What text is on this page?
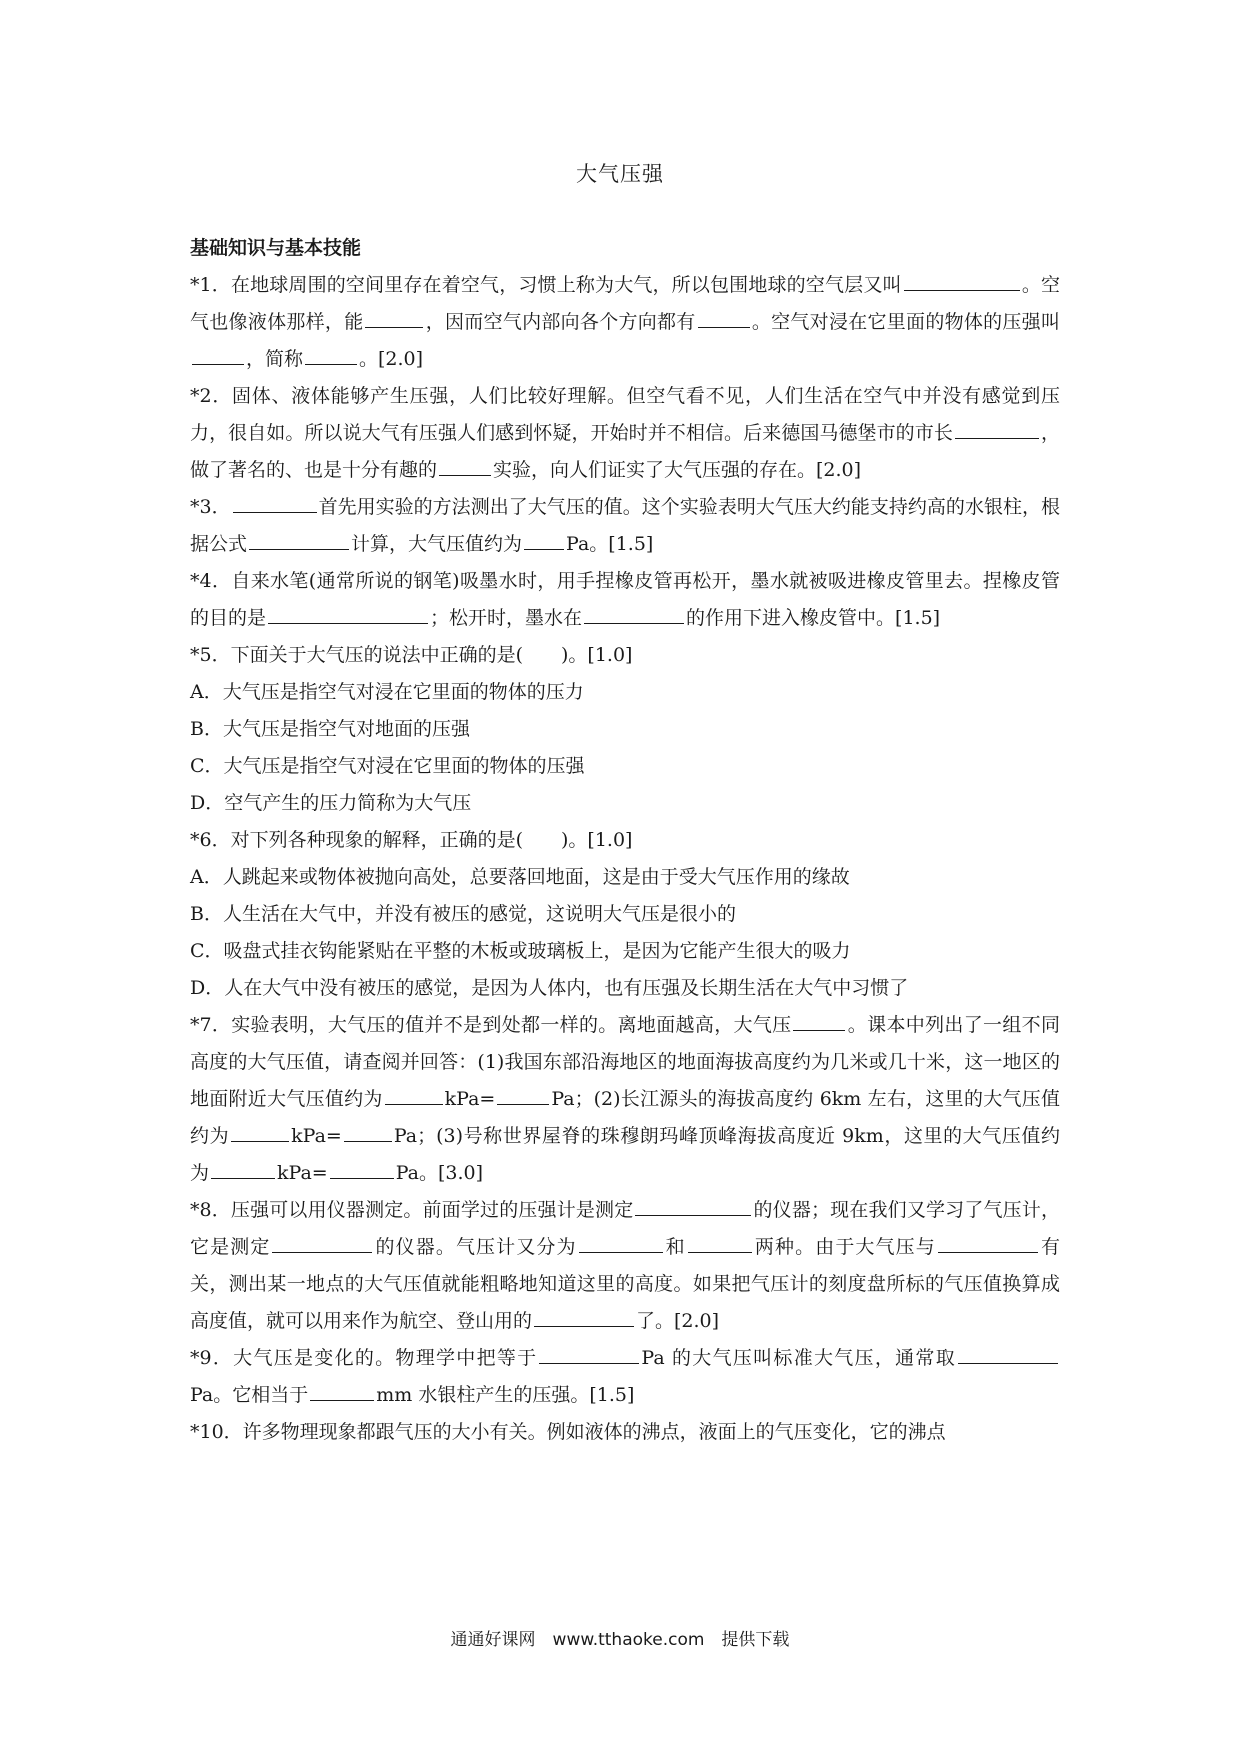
大气压强

基础知识与基本技能

*1．在地球周围的空间里存在着空气，习惯上称为大气，所以包围地球的空气层又叫	。空气也像液体那样，能	，因而空气内部向各个方向都有	。空气对浸在它里面的物体的压强叫，简称	。[2.0]

*2．固体、液体能够产生压强，人们比较好理解。但空气看不见，人们生活在空气中并没有感觉到压力，很自如。所以说大气有压强人们感到怀疑，开始时并不相信。后来德国马德堡市的市长	，做了著名的、也是十分有趣的	实验，向人们证实了大气压强的存在。[2.0]

*3．	首先用实验的方法测出了大气压的值。这个实验表明大气压大约能支持约高的水银柱，根据公式	计算，大气压值约为 Pa。[1.5]

*4．自来水笔(通常所说的钢笔)吸墨水时，用手捏橡皮管再松开，墨水就被吸进橡皮管里去。捏橡皮管的目的是	；松开时，墨水在	的作用下进入橡皮管中。[1.5]

*5．下面关于大气压的说法中正确的是(　　)。[1.0]

A．大气压是指空气对浸在它里面的物体的压力

B．大气压是指空气对地面的压强

C．大气压是指空气对浸在它里面的物体的压强

D．空气产生的压力简称为大气压

*6．对下列各种现象的解释，正确的是(　　)。[1.0]

A．人跳起来或物体被抛向高处，总要落回地面，这是由于受大气压作用的缘故

B．人生活在大气中，并没有被压的感觉，这说明大气压是很小的

C．吸盘式挂衣钩能紧贴在平整的木板或玻璃板上，是因为它能产生很大的吸力

D．人在大气中没有被压的感觉，是因为人体内，也有压强及长期生活在大气中习惯了

*7．实验表明，大气压的值并不是到处都一样的。离地面越高，大气压	。课本中列出了一组不同高度的大气压值，请查阅并回答：(1)我国东部沿海地区的地面海拔高度约为几米或几十米，这一地区的地面附近大气压值约为	kPa=	Pa；(2)长江源头的海拔高度约 6km 左右，这里的大气压值约为	kPa=	Pa；(3)号称世界屋脊的珠穆朗玛峰顶峰海拔高度近 9km，这里的大气压值约为	kPa=	Pa。[3.0]

*8．压强可以用仪器测定。前面学过的压强计是测定	的仪器；现在我们又学习了气压计，它是测定	的仪器。气压计又分为	和	两种。由于大气压与	有关，测出某一地点的大气压值就能粗略地知道这里的高度。如果把气压计的刻度盘所标的气压值换算成高度值，就可以用来作为航空、登山用的	了。[2.0]

*9．大气压是变化的。物理学中把等于	Pa 的大气压叫标准大气压，通常取Pa。它相当于	mm 水银柱产生的压强。[1.5]

*10．许多物理现象都跟气压的大小有关。例如液体的沸点，液面上的气压变化，它的沸点

通通好课网　www.tthaoke.com　提供下载
